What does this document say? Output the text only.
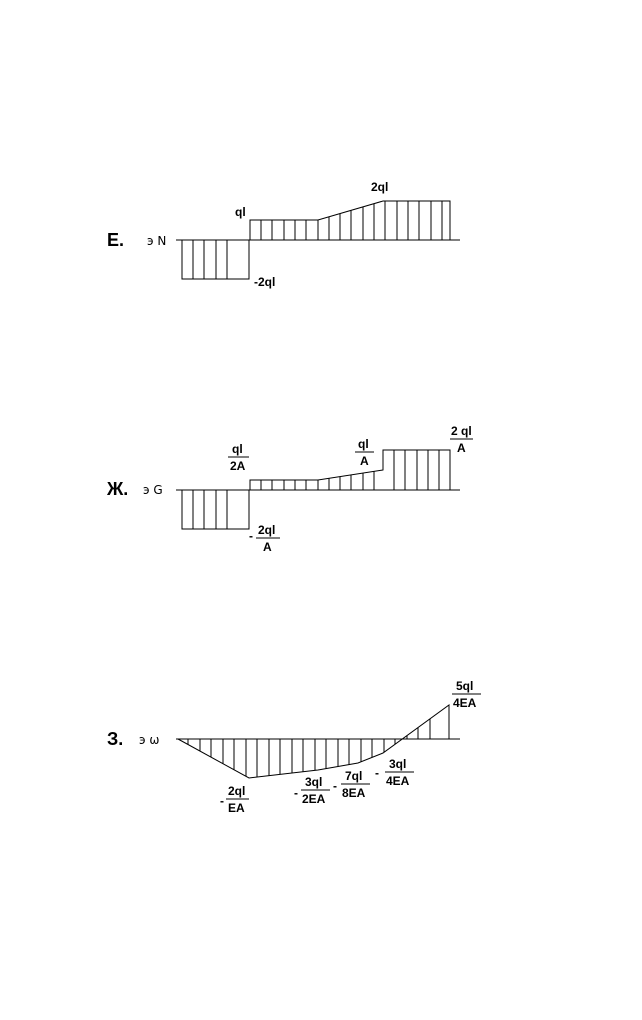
Е. э N
ql
2ql
-2ql
Ж. э G
ql
2A
ql
A
2 ql
A
- 2ql
A
З. э ω
-
2ql
EA
-
3ql
2EA
-
7ql
8EA
-
3ql
4EA
5ql
4EA
